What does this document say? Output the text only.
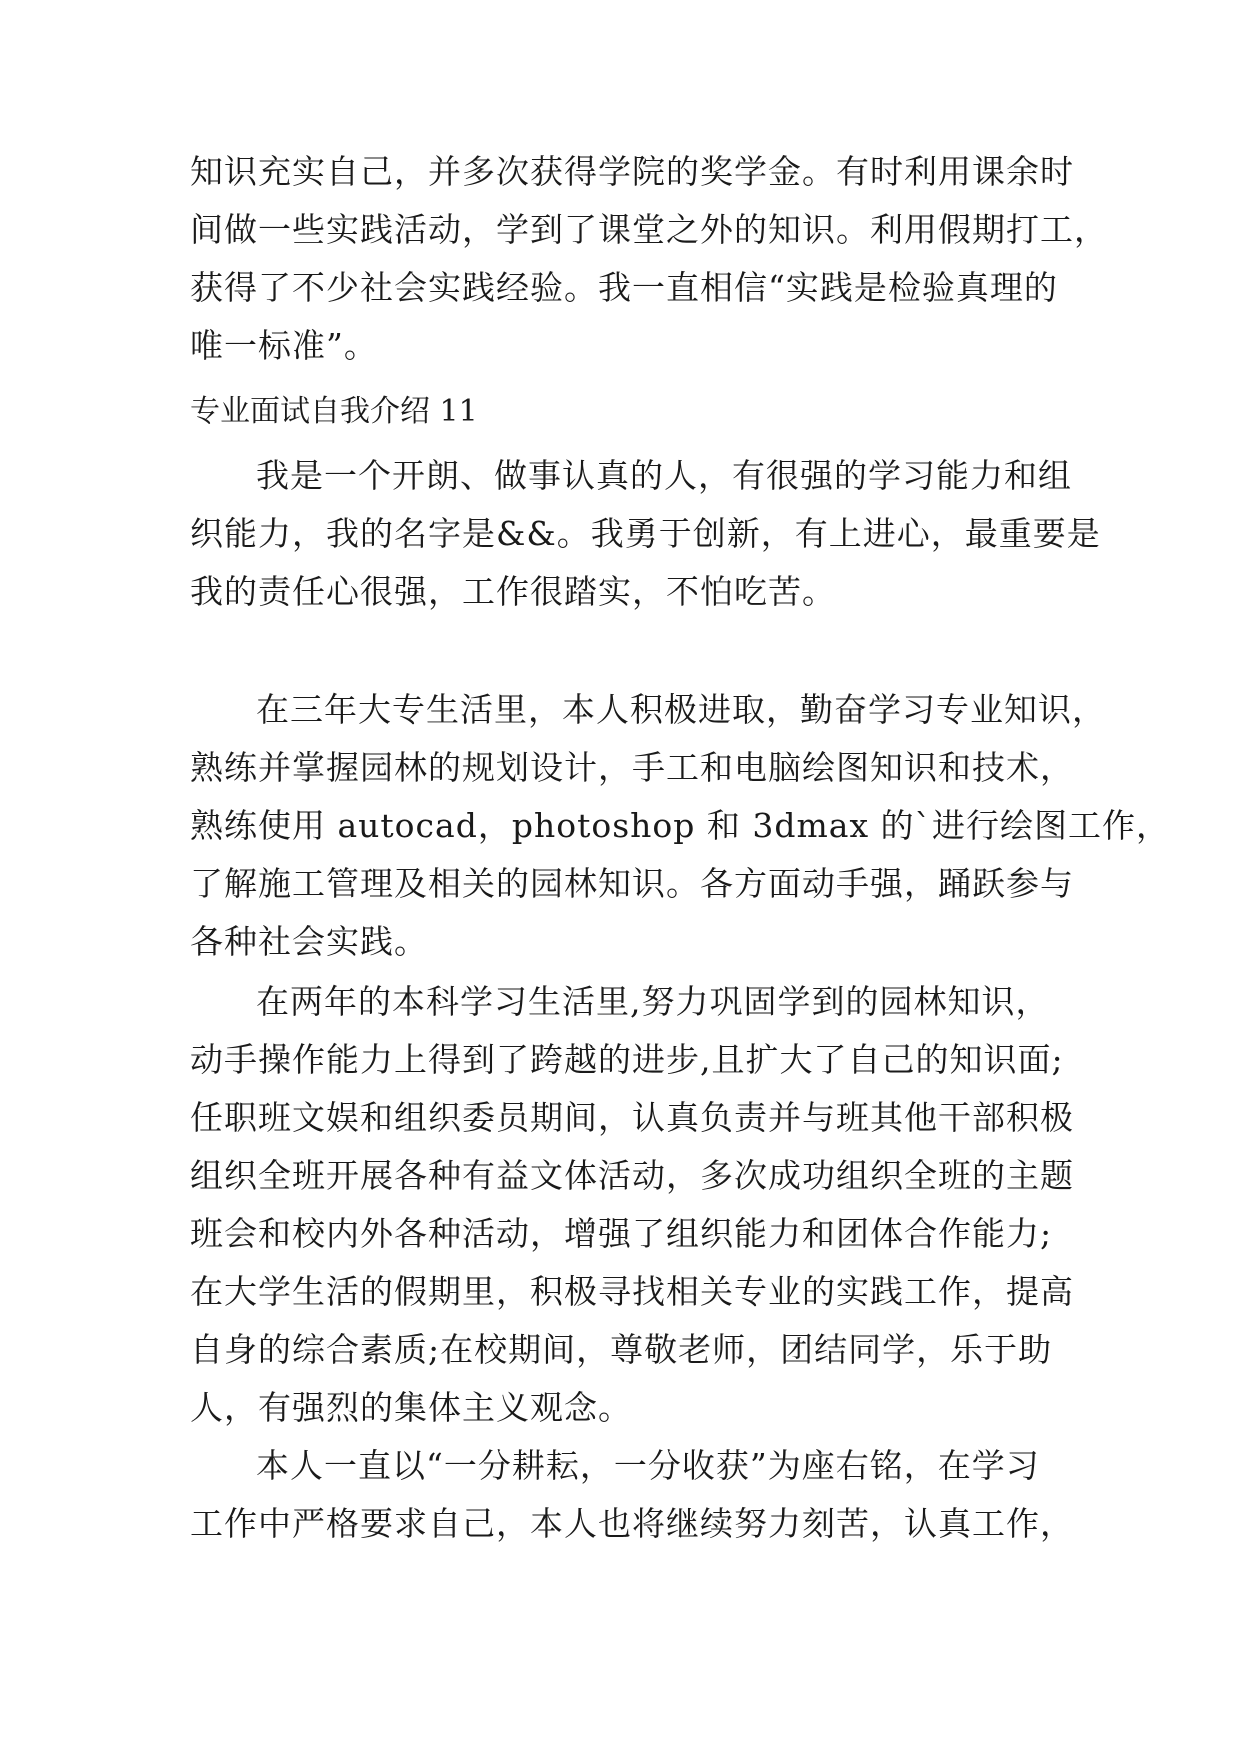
知识充实自己，并多次获得学院的奖学金。有时利用课余时
间做一些实践活动，学到了课堂之外的知识。利用假期打工，
获得了不少社会实践经验。我一直相信“实践是检验真理的
唯一标准”。
专业面试自我介绍 11
我是一个开朗、做事认真的人，有很强的学习能力和组
织能力，我的名字是&&。我勇于创新，有上进心，最重要是
我的责任心很强，工作很踏实，不怕吃苦。
在三年大专生活里，本人积极进取，勤奋学习专业知识，
熟练并掌握园林的规划设计，手工和电脑绘图知识和技术，
熟练使用 autocad，photoshop 和 3dmax 的`进行绘图工作，
了解施工管理及相关的园林知识。各方面动手强，踊跃参与
各种社会实践。
在两年的本科学习生活里,努力巩固学到的园林知识，
动手操作能力上得到了跨越的进步,且扩大了自己的知识面;
任职班文娱和组织委员期间，认真负责并与班其他干部积极
组织全班开展各种有益文体活动，多次成功组织全班的主题
班会和校内外各种活动，增强了组织能力和团体合作能力;
在大学生活的假期里，积极寻找相关专业的实践工作，提高
自身的综合素质;在校期间，尊敬老师，团结同学，乐于助
人，有强烈的集体主义观念。
本人一直以“一分耕耘，一分收获”为座右铭，在学习
工作中严格要求自己，本人也将继续努力刻苦，认真工作，
